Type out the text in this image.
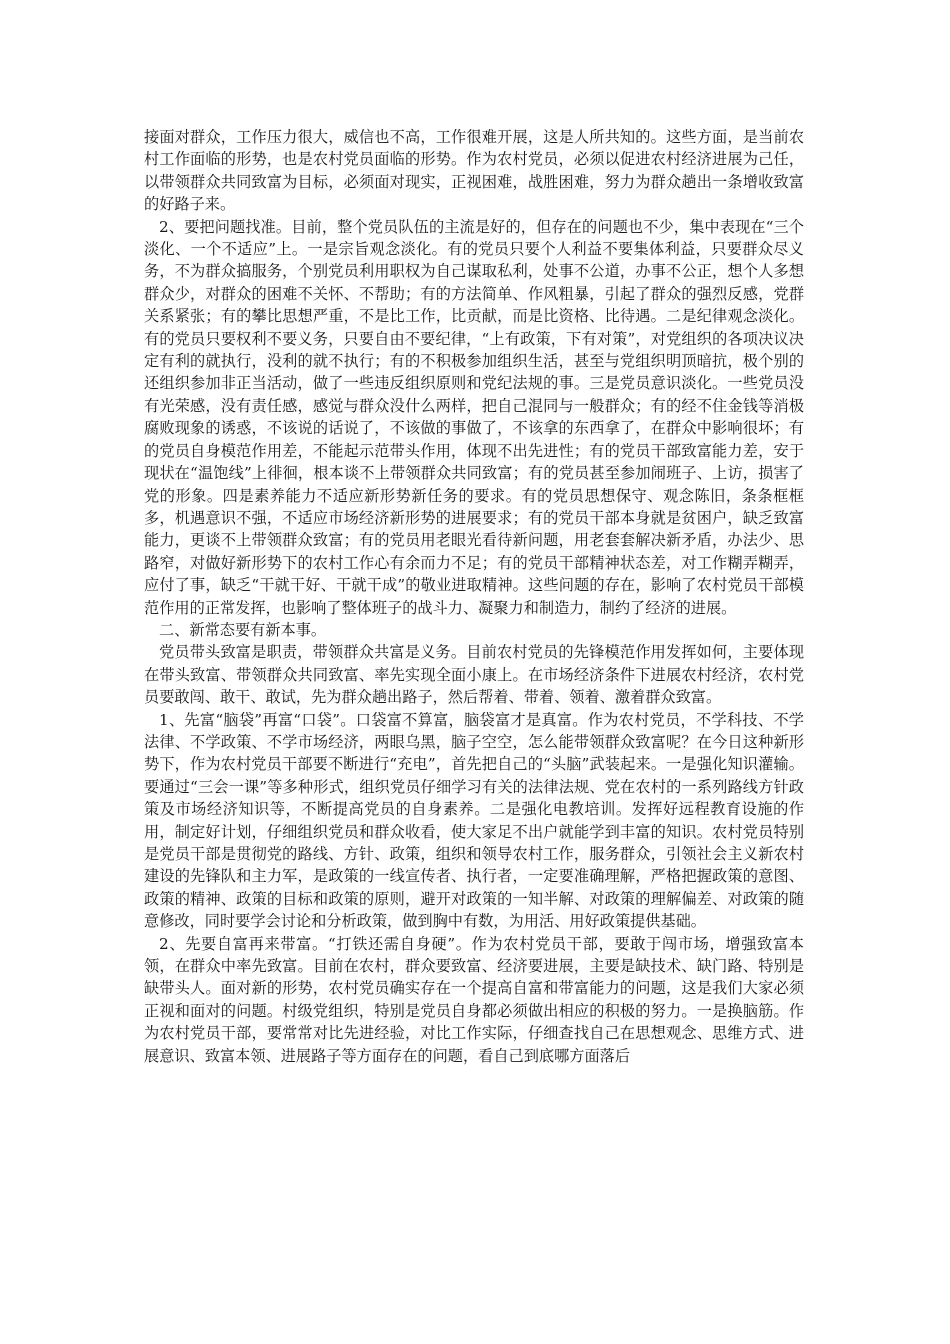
接面对群众，工作压力很大，威信也不高，工作很难开展，这是人所共知的。这些方面，是当前农村工作面临的形势，也是农村党员面临的形势。作为农村党员，必须以促进农村经济进展为己任，以带领群众共同致富为目标，必须面对现实，正视困难，战胜困难，努力为群众趟出一条增收致富的好路子来。

2、要把问题找准。目前，整个党员队伍的主流是好的，但存在的问题也不少，集中表现在“三个淡化、一个不适应”上。一是宗旨观念淡化。有的党员只要个人利益不要集体利益，只要群众尽义务，不为群众搞服务，个别党员利用职权为自己谋取私利，处事不公道，办事不公正，想个人多想群众少，对群众的困难不关怀、不帮助；有的方法简单、作风粗暴，引起了群众的强烈反感，党群关系紧张；有的攀比思想严重，不是比工作，比贡献，而是比资格、比待遇。二是纪律观念淡化。有的党员只要权利不要义务，只要自由不要纪律，“上有政策，下有对策”，对党组织的各项决议决定有利的就执行，没利的就不执行；有的不积极参加组织生活，甚至与党组织明顶暗抗，极个别的还组织参加非正当活动，做了一些违反组织原则和党纪法规的事。三是党员意识淡化。一些党员没有光荣感，没有责任感，感觉与群众没什么两样，把自己混同与一般群众；有的经不住金钱等消极腐败现象的诱惑，不该说的话说了，不该做的事做了，不该拿的东西拿了，在群众中影响很坏；有的党员自身模范作用差，不能起示范带头作用，体现不出先进性；有的党员干部致富能力差，安于现状在“温饱线”上徘徊，根本谈不上带领群众共同致富；有的党员甚至参加闹班子、上访，损害了党的形象。四是素养能力不适应新形势新任务的要求。有的党员思想保守、观念陈旧，条条框框多，机遇意识不强，不适应市场经济新形势的进展要求；有的党员干部本身就是贫困户，缺乏致富能力，更谈不上带领群众致富；有的党员用老眼光看待新问题，用老套套解决新矛盾，办法少、思路窄，对做好新形势下的农村工作心有余而力不足；有的党员干部精神状态差，对工作糊弄糊弄，应付了事，缺乏“干就干好、干就干成”的敬业进取精神。这些问题的存在，影响了农村党员干部模范作用的正常发挥，也影响了整体班子的战斗力、凝聚力和制造力，制约了经济的进展。

二、新常态要有新本事。

党员带头致富是职责，带领群众共富是义务。目前农村党员的先锋模范作用发挥如何，主要体现在带头致富、带领群众共同致富、率先实现全面小康上。在市场经济条件下进展农村经济，农村党员要敢闯、敢干、敢试，先为群众趟出路子，然后帮着、带着、领着、激着群众致富。

1、先富“脑袋”再富“口袋”。口袋富不算富，脑袋富才是真富。作为农村党员，不学科技、不学法律、不学政策、不学市场经济，两眼乌黑，脑子空空，怎么能带领群众致富呢？在今日这种新形势下，作为农村党员干部要不断进行“充电”，首先把自己的“头脑”武装起来。一是强化知识灌输。要通过“三会一课”等多种形式，组织党员仔细学习有关的法律法规、党在农村的一系列路线方针政策及市场经济知识等，不断提高党员的自身素养。二是强化电教培训。发挥好远程教育设施的作用，制定好计划，仔细组织党员和群众收看，使大家足不出户就能学到丰富的知识。农村党员特别是党员干部是贯彻党的路线、方针、政策，组织和领导农村工作，服务群众，引领社会主义新农村建设的先锋队和主力军，是政策的一线宣传者、执行者，一定要准确理解，严格把握政策的意图、政策的精神、政策的目标和政策的原则，避开对政策的一知半解、对政策的理解偏差、对政策的随意修改，同时要学会讨论和分析政策，做到胸中有数，为用活、用好政策提供基础。

2、先要自富再来带富。“打铁还需自身硬”。作为农村党员干部，要敢于闯市场，增强致富本领，在群众中率先致富。目前在农村，群众要致富、经济要进展，主要是缺技术、缺门路、特别是缺带头人。面对新的形势，农村党员确实存在一个提高自富和带富能力的问题，这是我们大家必须正视和面对的问题。村级党组织，特别是党员自身都必须做出相应的积极的努力。一是换脑筋。作为农村党员干部，要常常对比先进经验，对比工作实际，仔细查找自己在思想观念、思维方式、进展意识、致富本领、进展路子等方面存在的问题，看自己到底哪方面落后
